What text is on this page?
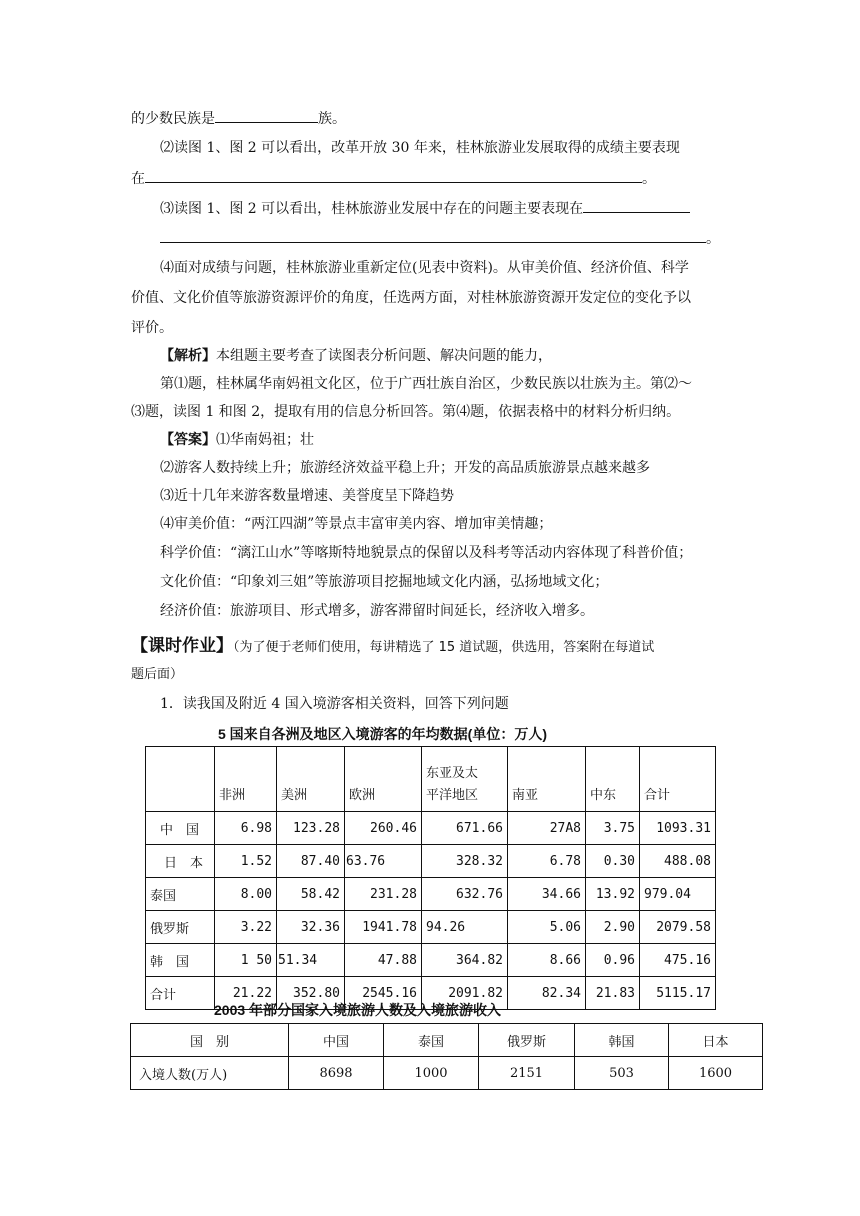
的少数民族是	族。
⑵读图 1、图 2 可以看出，改革开放 30 年来，桂林旅游业发展取得的成绩主要表现
在	。
⑶读图 1、图 2 可以看出，桂林旅游业发展中存在的问题主要表现在
。
⑷面对成绩与问题，桂林旅游业重新定位(见表中资料)。从审美价值、经济价值、科学
价值、文化价值等旅游资源评价的角度，任选两方面，对桂林旅游资源开发定位的变化予以
评价。
【解析】本组题主要考查了读图表分析问题、解决问题的能力，
第⑴题，桂林属华南妈祖文化区，位于广西壮族自治区，少数民族以壮族为主。第⑵～
⑶题，读图 1 和图 2，提取有用的信息分析回答。第⑷题，依据表格中的材料分析归纳。
【答案】⑴华南妈祖；壮
⑵游客人数持续上升；旅游经济效益平稳上升；开发的高品质旅游景点越来越多
⑶近十几年来游客数量增速、美誉度呈下降趋势
⑷审美价值：“两江四湖”等景点丰富审美内容、增加审美情趣；
科学价值：“漓江山水”等喀斯特地貌景点的保留以及科考等活动内容体现了科普价值；
文化价值：“印象刘三姐”等旅游项目挖掘地域文化内涵，弘扬地域文化；
经济价值：旅游项目、形式增多，游客滞留时间延长，经济收入增多。
【课时作业】（为了便于老师们使用，每讲精选了 15 道试题，供选用，答案附在每道试
题后面）
1．读我国及附近 4 国入境游客相关资料，回答下列问题
5 国来自各洲及地区入境游客的年均数据(单位：万人)
	非洲	美洲	欧洲	东亚及太
平洋地区	南亚	中东	合计
中　国	6.98	123.28	260.46	671.66	27A8	3.75	1093.31
日　本	1.52	87.40	63.76	328.32	6.78	0.30	488.08
泰国	8.00	58.42	231.28	632.76	34.66	13.92	979.04
俄罗斯	3.22	32.36	1941.78	94.26	5.06	2.90	2079.58
韩　国	1 50	51.34	47.88	364.82	8.66	0.96	475.16
合计	21.22	352.80	2545.16	2091.82	82.34	21.83	5115.17
2003 年部分国家入境旅游人数及入境旅游收入
国　别	中国	泰国	俄罗斯	韩国	日本
入境人数(万人)	8698	1000	2151	503	1600
